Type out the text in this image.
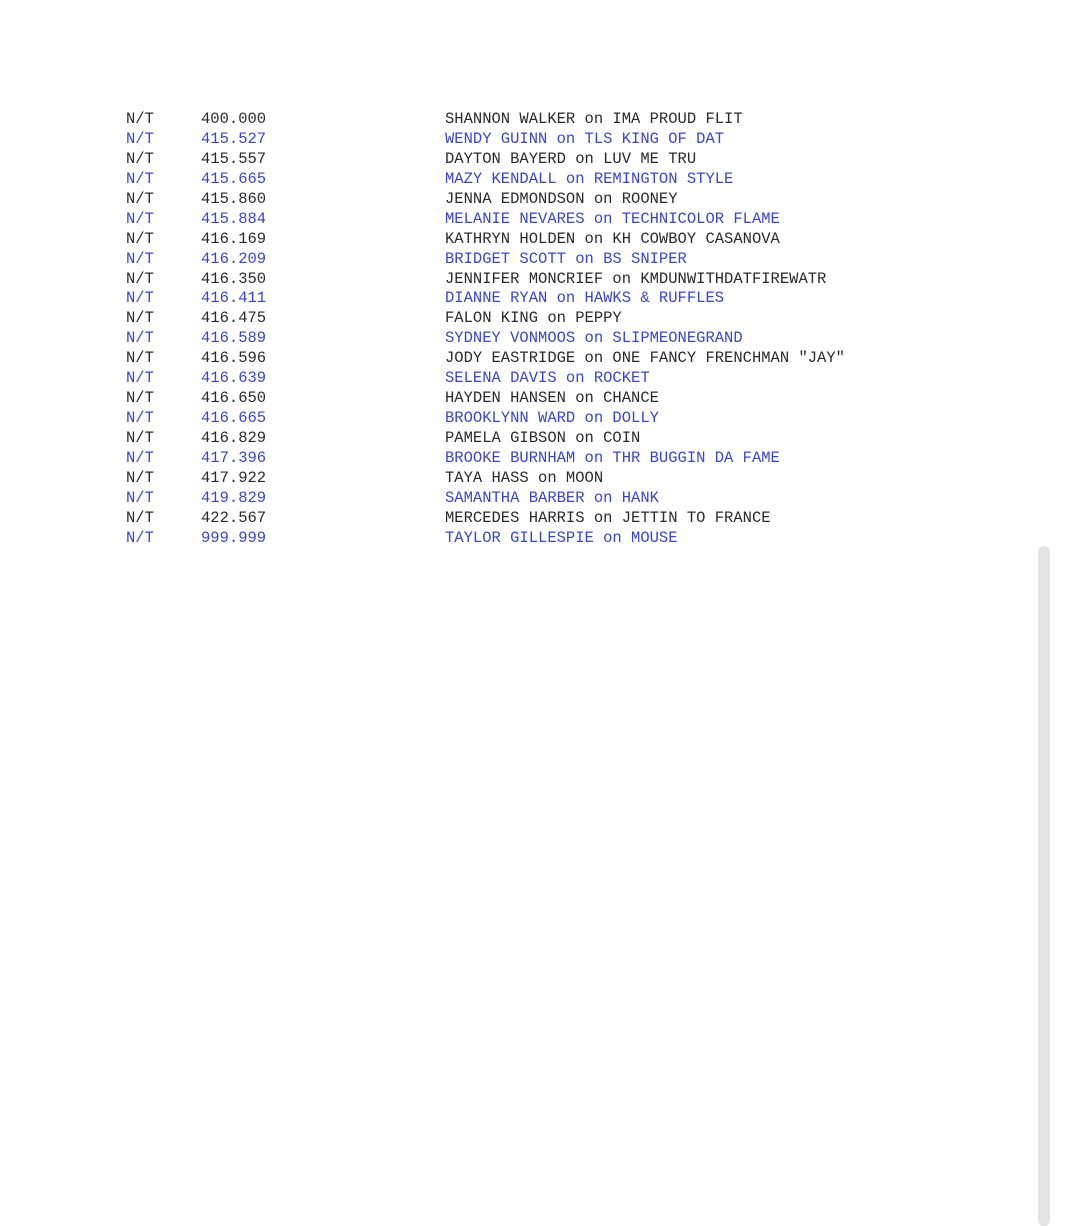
N/T	400.000	SHANNON WALKER on IMA PROUD FLIT
N/T	415.527	WENDY GUINN on TLS KING OF DAT
N/T	415.557	DAYTON BAYERD on LUV ME TRU
N/T	415.665	MAZY KENDALL on REMINGTON STYLE
N/T	415.860	JENNA EDMONDSON on ROONEY
N/T	415.884	MELANIE NEVARES on TECHNICOLOR FLAME
N/T	416.169	KATHRYN HOLDEN on KH COWBOY CASANOVA
N/T	416.209	BRIDGET SCOTT on BS SNIPER
N/T	416.350	JENNIFER MONCRIEF on KMDUNWITHDATFIREWATR
N/T	416.411	DIANNE RYAN on HAWKS & RUFFLES
N/T	416.475	FALON KING on PEPPY
N/T	416.589	SYDNEY VONMOOS on SLIPMEONEGRAND
N/T	416.596	JODY EASTRIDGE on ONE FANCY FRENCHMAN "JAY"
N/T	416.639	SELENA DAVIS on ROCKET
N/T	416.650	HAYDEN HANSEN on CHANCE
N/T	416.665	BROOKLYNN WARD on DOLLY
N/T	416.829	PAMELA GIBSON on COIN
N/T	417.396	BROOKE BURNHAM on THR BUGGIN DA FAME
N/T	417.922	TAYA HASS on MOON
N/T	419.829	SAMANTHA BARBER on HANK
N/T	422.567	MERCEDES HARRIS on JETTIN TO FRANCE
N/T	999.999	TAYLOR GILLESPIE on MOUSE
